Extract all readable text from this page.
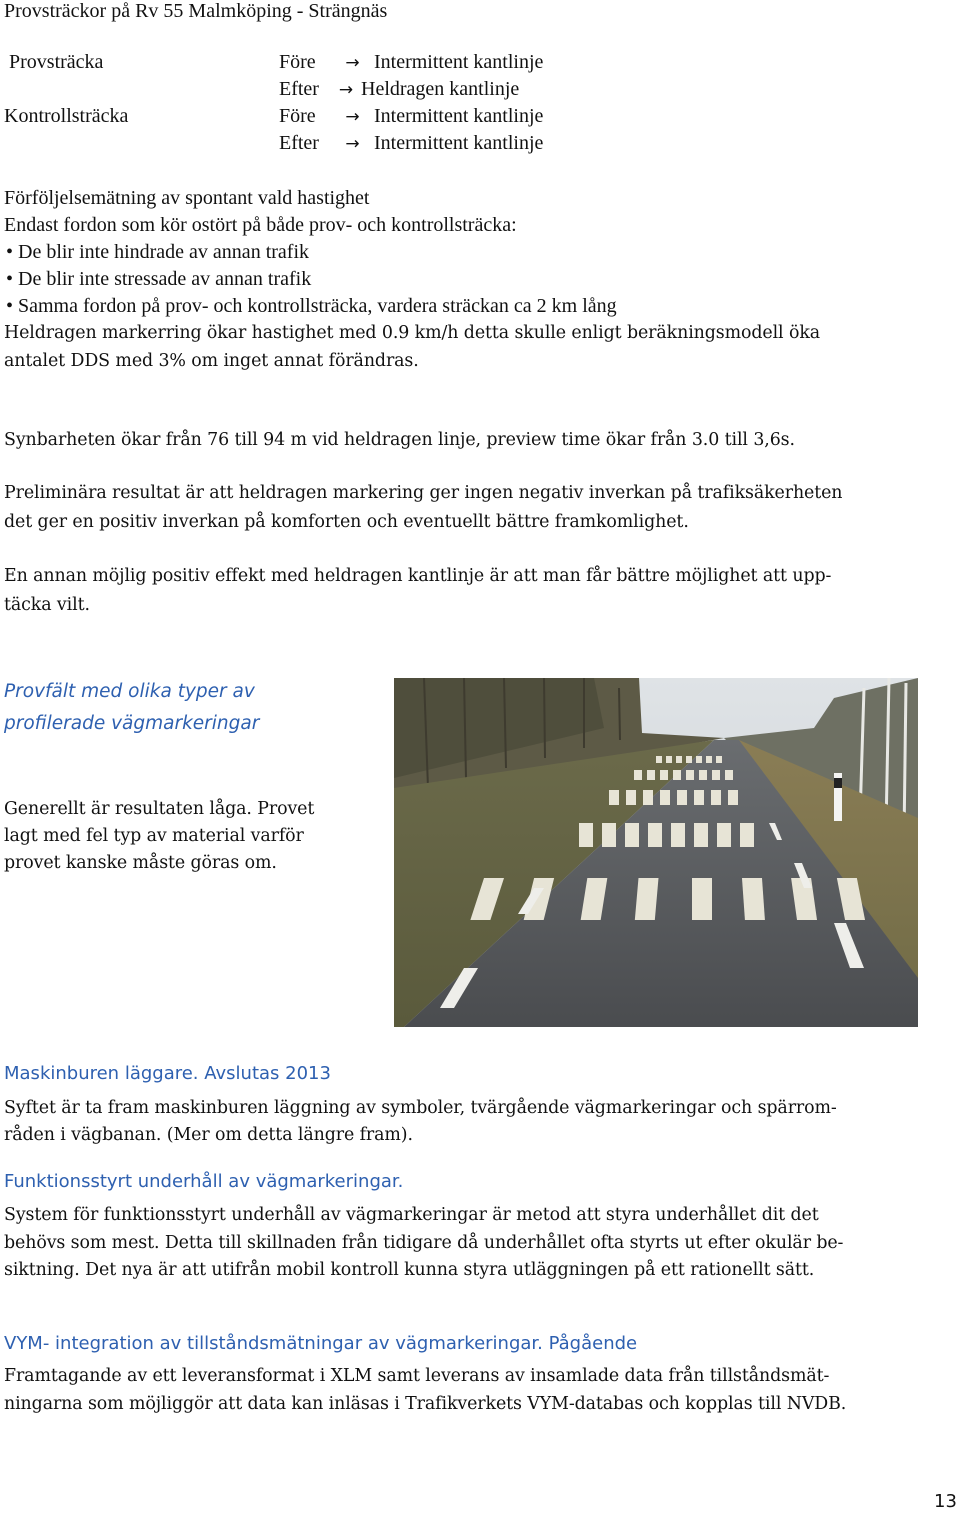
Provsträckor på Rv 55 Malmköping - Strängnäs
Provsträcka
Kontrollsträcka
Före → Intermittent kantlinje
Efter → Heldragen kantlinje
Före → Intermittent kantlinje
Efter → Intermittent kantlinje
Förföljelsemätning av spontant vald hastighet
Endast fordon som kör ostört på både prov- och kontrollsträcka:
• De blir inte hindrade av annan trafik
• De blir inte stressade av annan trafik
• Samma fordon på prov- och kontrollsträcka, vardera sträckan ca 2 km lång
Heldragen markerring ökar hastighet med 0.9 km/h detta skulle enligt beräkningsmodell öka
antalet DDS med 3% om inget annat förändras.
Synbarheten ökar från 76 till 94 m vid heldragen linje, preview time ökar från 3.0 till 3,6s.
Preliminära resultat är att heldragen markering ger ingen negativ inverkan på trafiksäkerheten
det ger en positiv inverkan på komforten och eventuellt bättre framkomlighet.
En annan möjlig positiv effekt med heldragen kantlinje är att man får bättre möjlighet att upp-
täcka vilt.
Provfält med olika typer av
profilerade vägmarkeringar
Generellt är resultaten låga. Provet
lagt med fel typ av material varför
provet kanske måste göras om.
Maskinburen läggare. Avslutas 2013
Syftet är ta fram maskinburen läggning av symboler, tvärgående vägmarkeringar och spärrom-
råden i vägbanan. (Mer om detta längre fram).
Funktionsstyrt underhåll av vägmarkeringar.
System för funktionsstyrt underhåll av vägmarkeringar är metod att styra underhållet dit det
behövs som mest. Detta till skillnaden från tidigare då underhållet ofta styrts ut efter okulär be-
siktning. Det nya är att utifrån mobil kontroll kunna styra utläggningen på ett rationellt sätt.
VYM- integration av tillståndsmätningar av vägmarkeringar. Pågående
Framtagande av ett leveransformat i XLM samt leverans av insamlade data från tillståndsmät-
ningarna som möjliggör att data kan inläsas i Trafikverkets VYM-databas och kopplas till NVDB.
13
